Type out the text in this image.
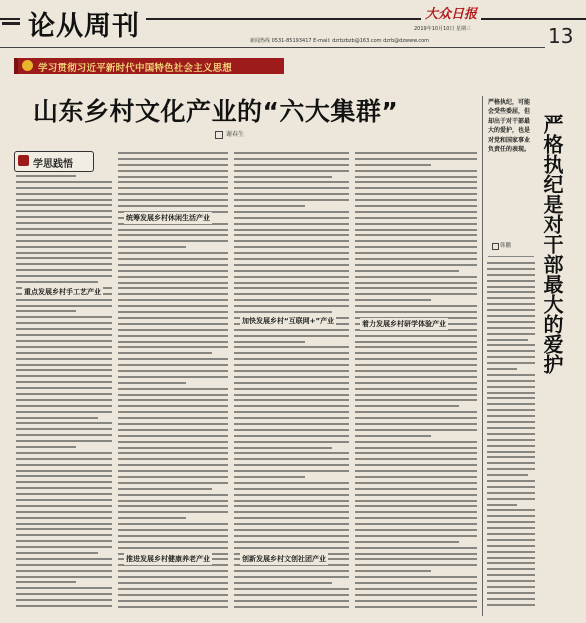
论从周刊	大众日报
2019年10月10日 星期三	13
新闻热线 0531-85193417 E-mail: dzrbzbzb@163.com dzrb@dzwww.com
学习贯彻习近平新时代中国特色社会主义思想
山东乡村文化产业的“六大集群”
谢春生
学思践悟
重点发展乡村手工艺产业
统筹发展乡村休闲生活产业
加快发展乡村“互联网+”产业	着力发展乡村研学体验产业
推进发展乡村健康养老产业	创新发展乡村文创社团产业
严格执纪，可能会受些委屈，但却出于对干部最大的爱护，也是对党和国家事业负责任的表现。 严格执纪是对干部最大的爱护
韩鹏
